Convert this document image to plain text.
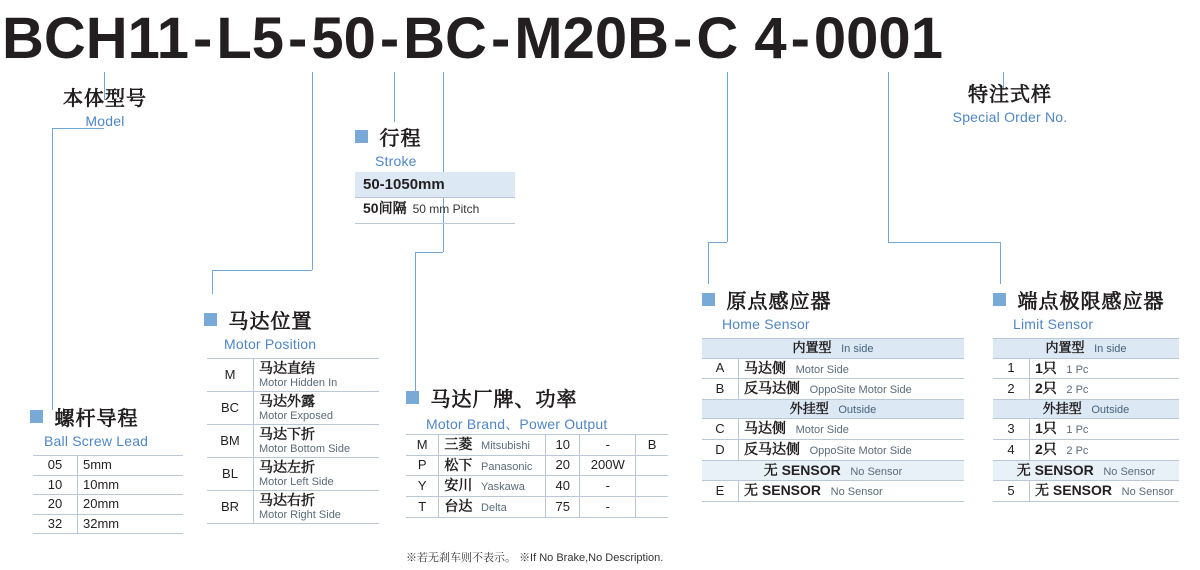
BCH11 - L5 - 50 - BC - M20B - C 4 - 0001
本体型号
Model
特注式样
Special Order No.
行程
Stroke
螺杆导程
Ball Screw Lead
马达位置
Motor Position
马达厂牌、功率
Motor Brand、Power Output
原点感应器
Home Sensor
端点极限感应器
Limit Sensor
50-1050mm
50间隔 50 mm Pitch
05	5mm
10	10mm
20	20mm
32	32mm
M	马达直结
Motor Hidden In

BC	马达外露
Motor Exposed

BM	马达下折
Motor Bottom Side

BL	马达左折
Motor Left Side

BR	马达右折
Motor Right Side
M	三菱 Mitsubishi	10	-	B
P	松下 Panasonic	20	200W	
Y	安川 Yaskawa	40	-	
T	台达 Delta	75	-	
※若无刹车则不表示。 ※If No Brake,No Description.
内置型 In side	
A	马达侧 Motor Side
B	反马达侧 OppoSite Motor Side
外挂型 Outside	
C	马达侧 Motor Side
D	反马达侧 OppoSite Motor Side
无 SENSOR No Sensor	
E	无 SENSOR No Sensor
内置型 In side	
1	1只 1 Pc
2	2只 2 Pc
外挂型 Outside	
3	1只 1 Pc
4	2只 2 Pc
无 SENSOR No Sensor	
5	无 SENSOR No Sensor
